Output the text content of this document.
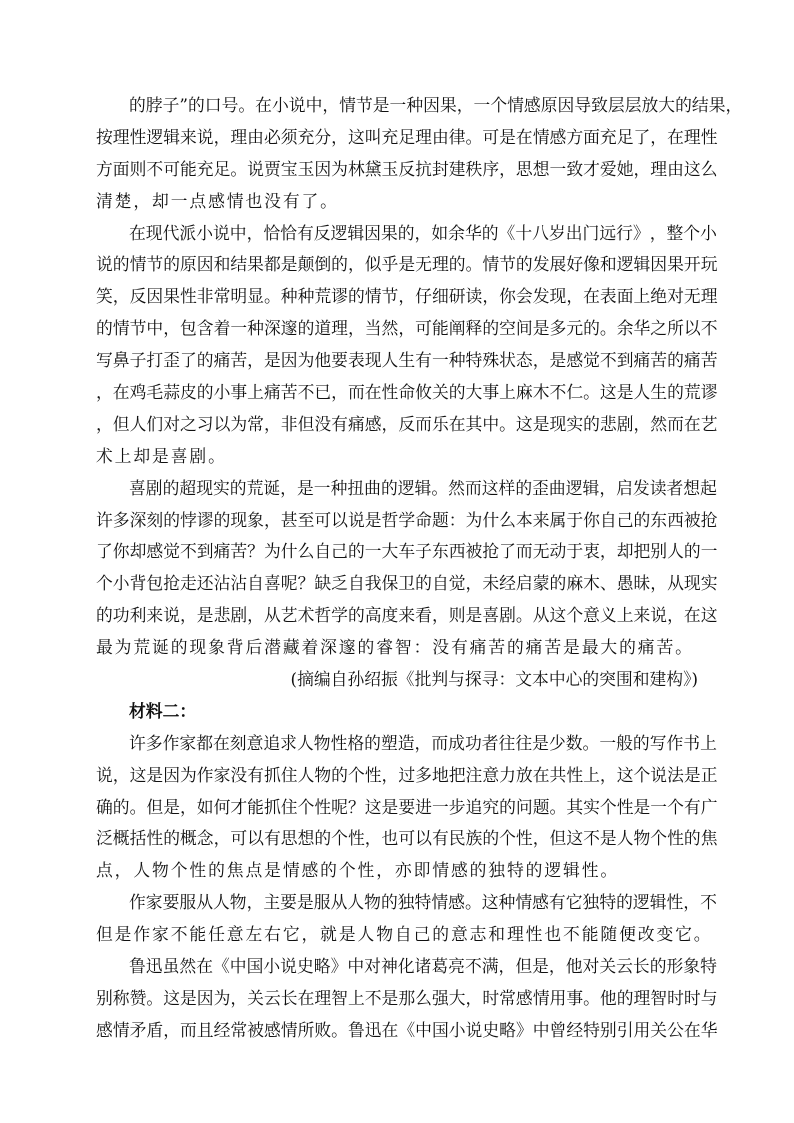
的 脖 子 ” 的 口 号 。 在 小 说 中 ， 情 节 是 一 种 因 果 ， 一 个 情 感 原 因 导 致 层 层 放 大 的 结 果 ，
按 理 性 逻 辑 来 说 ， 理 由 必 须 充 分 ， 这 叫 充 足 理 由 律 。 可 是 在 情 感 方 面 充 足 了 ， 在 理 性
方 面 则 不 可 能 充 足 。 说 贾 宝 玉 因 为 林 黛 玉 反 抗 封 建 秩 序 ， 思 想 一 致 才 爱 她 ， 理 由 这 么
清楚，却一点感情也没有了。
在 现 代 派 小 说 中 ， 恰 恰 有 反 逻 辑 因 果 的 ， 如 余 华 的 《 十 八 岁 出 门 远 行 》 ， 整 个 小
说 的 情 节 的 原 因 和 结 果 都 是 颠 倒 的 ， 似 乎 是 无 理 的 。 情 节 的 发 展 好 像 和 逻 辑 因 果 开 玩
笑 ， 反 因 果 性 非 常 明 显 。 种 种 荒 谬 的 情 节 ， 仔 细 研 读 ， 你 会 发 现 ， 在 表 面 上 绝 对 无 理
的 情 节 中 ， 包 含 着 一 种 深 邃 的 道 理 ， 当 然 ， 可 能 阐 释 的 空 间 是 多 元 的 。 余 华 之 所 以 不
写 鼻 子 打 歪 了 的 痛 苦 ， 是 因 为 他 要 表 现 人 生 有 一 种 特 殊 状 态 ， 是 感 觉 不 到 痛 苦 的 痛 苦
， 在 鸡 毛 蒜 皮 的 小 事 上 痛 苦 不 已 ， 而 在 性 命 攸 关 的 大 事 上 麻 木 不 仁 。 这 是 人 生 的 荒 谬
， 但 人 们 对 之 习 以 为 常 ， 非 但 没 有 痛 感 ， 反 而 乐 在 其 中 。 这 是 现 实 的 悲 剧 ， 然 而 在 艺
术上却是喜剧。
喜 剧 的 超 现 实 的 荒 诞 ， 是 一 种 扭 曲 的 逻 辑 。 然 而 这 样 的 歪 曲 逻 辑 ， 启 发 读 者 想 起
许 多 深 刻 的 悖 谬 的 现 象 ， 甚 至 可 以 说 是 哲 学 命 题 ： 为 什 么 本 来 属 于 你 自 己 的 东 西 被 抢
了 你 却 感 觉 不 到 痛 苦 ？ 为 什 么 自 己 的 一 大 车 子 东 西 被 抢 了 而 无 动 于 衷 ， 却 把 别 人 的 一
个 小 背 包 抢 走 还 沾 沾 自 喜 呢 ？ 缺 乏 自 我 保 卫 的 自 觉 ， 未 经 启 蒙 的 麻 木 、 愚 昧 ， 从 现 实
的 功 利 来 说 ， 是 悲 剧 ， 从 艺 术 哲 学 的 高 度 来 看 ， 则 是 喜 剧 。 从 这 个 意 义 上 来 说 ， 在 这
最为荒诞的现象背后潜藏着深邃的睿智：没有痛苦的痛苦是最大的痛苦。
(摘编自孙绍振《批判与探寻：文本中心的突围和建构》)
材料二：
许 多 作 家 都 在 刻 意 追 求 人 物 性 格 的 塑 造 ， 而 成 功 者 往 往 是 少 数 。 一 般 的 写 作 书 上
说 ， 这 是 因 为 作 家 没 有 抓 住 人 物 的 个 性 ， 过 多 地 把 注 意 力 放 在 共 性 上 ， 这 个 说 法 是 正
确 的 。 但 是 ， 如 何 才 能 抓 住 个 性 呢 ？ 这 是 要 进 一 步 追 究 的 问 题 。 其 实 个 性 是 一 个 有 广
泛 概 括 性 的 概 念 ， 可 以 有 思 想 的 个 性 ， 也 可 以 有 民 族 的 个 性 ， 但 这 不 是 人 物 个 性 的 焦
点，人物个性的焦点是情感的个性，亦即情感的独特的逻辑性。
作 家 要 服 从 人 物 ， 主 要 是 服 从 人 物 的 独 特 情 感 。 这 种 情 感 有 它 独 特 的 逻 辑 性 ， 不
但是作家不能任意左右它，就是人物自己的意志和理性也不能随便改变它。
鲁 迅 虽 然 在 《 中 国 小 说 史 略 》 中 对 神 化 诸 葛 亮 不 满 ， 但 是 ， 他 对 关 云 长 的 形 象 特
别 称 赞 。 这 是 因 为 ， 关 云 长 在 理 智 上 不 是 那 么 强 大 ， 时 常 感 情 用 事 。 他 的 理 智 时 时 与
感 情 矛 盾 ， 而 且 经 常 被 感 情 所 败 。 鲁 迅 在 《 中 国 小 说 史 略 》 中 曾 经 特 别 引 用 关 公 在 华
